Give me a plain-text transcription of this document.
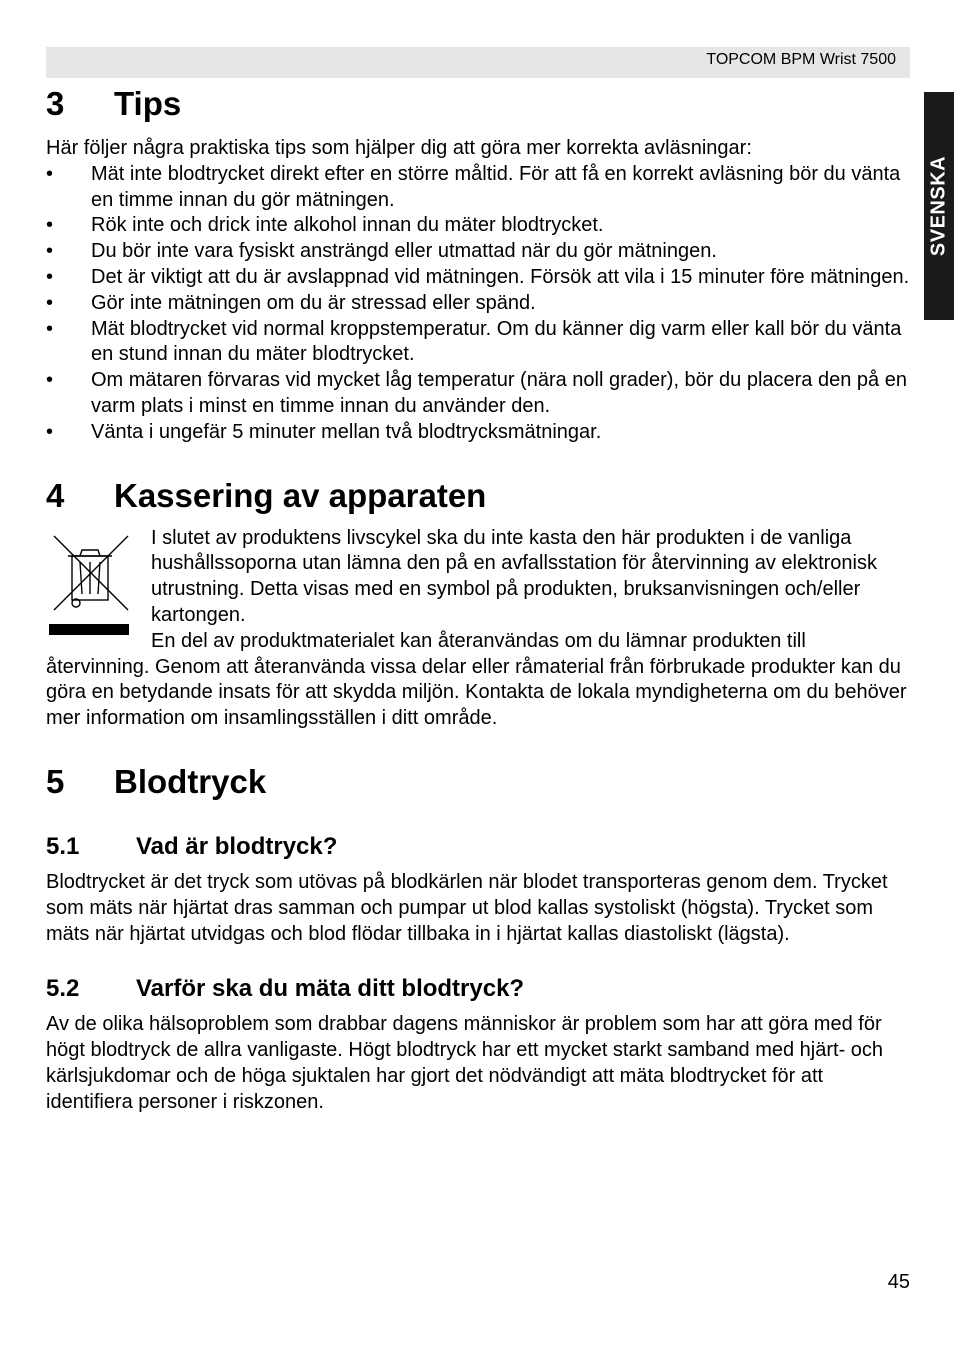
TOPCOM BPM Wrist 7500
SVENSKA
3	Tips

Här följer några praktiska tips som hjälper dig att göra mer korrekta avläsningar:

• Mät inte blodtrycket direkt efter en större måltid. För att få en korrekt avläsning bör du vänta en timme innan du gör mätningen.
• Rök inte och drick inte alkohol innan du mäter blodtrycket.
• Du bör inte vara fysiskt ansträngd eller utmattad när du gör mätningen.
• Det är viktigt att du är avslappnad vid mätningen. Försök att vila i 15 minuter före mätningen.
• Gör inte mätningen om du är stressad eller spänd.
• Mät blodtrycket vid normal kroppstemperatur. Om du känner dig varm eller kall bör du vänta en stund innan du mäter blodtrycket.
• Om mätaren förvaras vid mycket låg temperatur (nära noll grader), bör du placera den på en varm plats i minst en timme innan du använder den.
• Vänta i ungefär 5 minuter mellan två blodtrycksmätningar.
4	Kassering av apparaten

I slutet av produktens livscykel ska du inte kasta den här produkten i de vanliga hushållssoporna utan lämna den på en avfallsstation för återvinning av elektronisk utrustning. Detta visas med en symbol på produkten, bruksanvisningen och/eller kartongen.

En del av produktmaterialet kan återanvändas om du lämnar produkten till återvinning. Genom att återanvända vissa delar eller råmaterial från förbrukade produkter kan du göra en betydande insats för att skydda miljön. Kontakta de lokala myndigheterna om du behöver mer information om insamlingsställen i ditt område.

5	Blodtryck
5.1	Vad är blodtryck?

Blodtrycket är det tryck som utövas på blodkärlen när blodet transporteras genom dem. Trycket som mäts när hjärtat dras samman och pumpar ut blod kallas systoliskt (högsta). Trycket som mäts när hjärtat utvidgas och blod flödar tillbaka in i hjärtat kallas diastoliskt (lägsta).

5.2	Varför ska du mäta ditt blodtryck?

Av de olika hälsoproblem som drabbar dagens människor är problem som har att göra med för högt blodtryck de allra vanligaste. Högt blodtryck har ett mycket starkt samband med hjärt- och kärlsjukdomar och de höga sjuktalen har gjort det nödvändigt att mäta blodtrycket för att identifiera personer i riskzonen.

45
